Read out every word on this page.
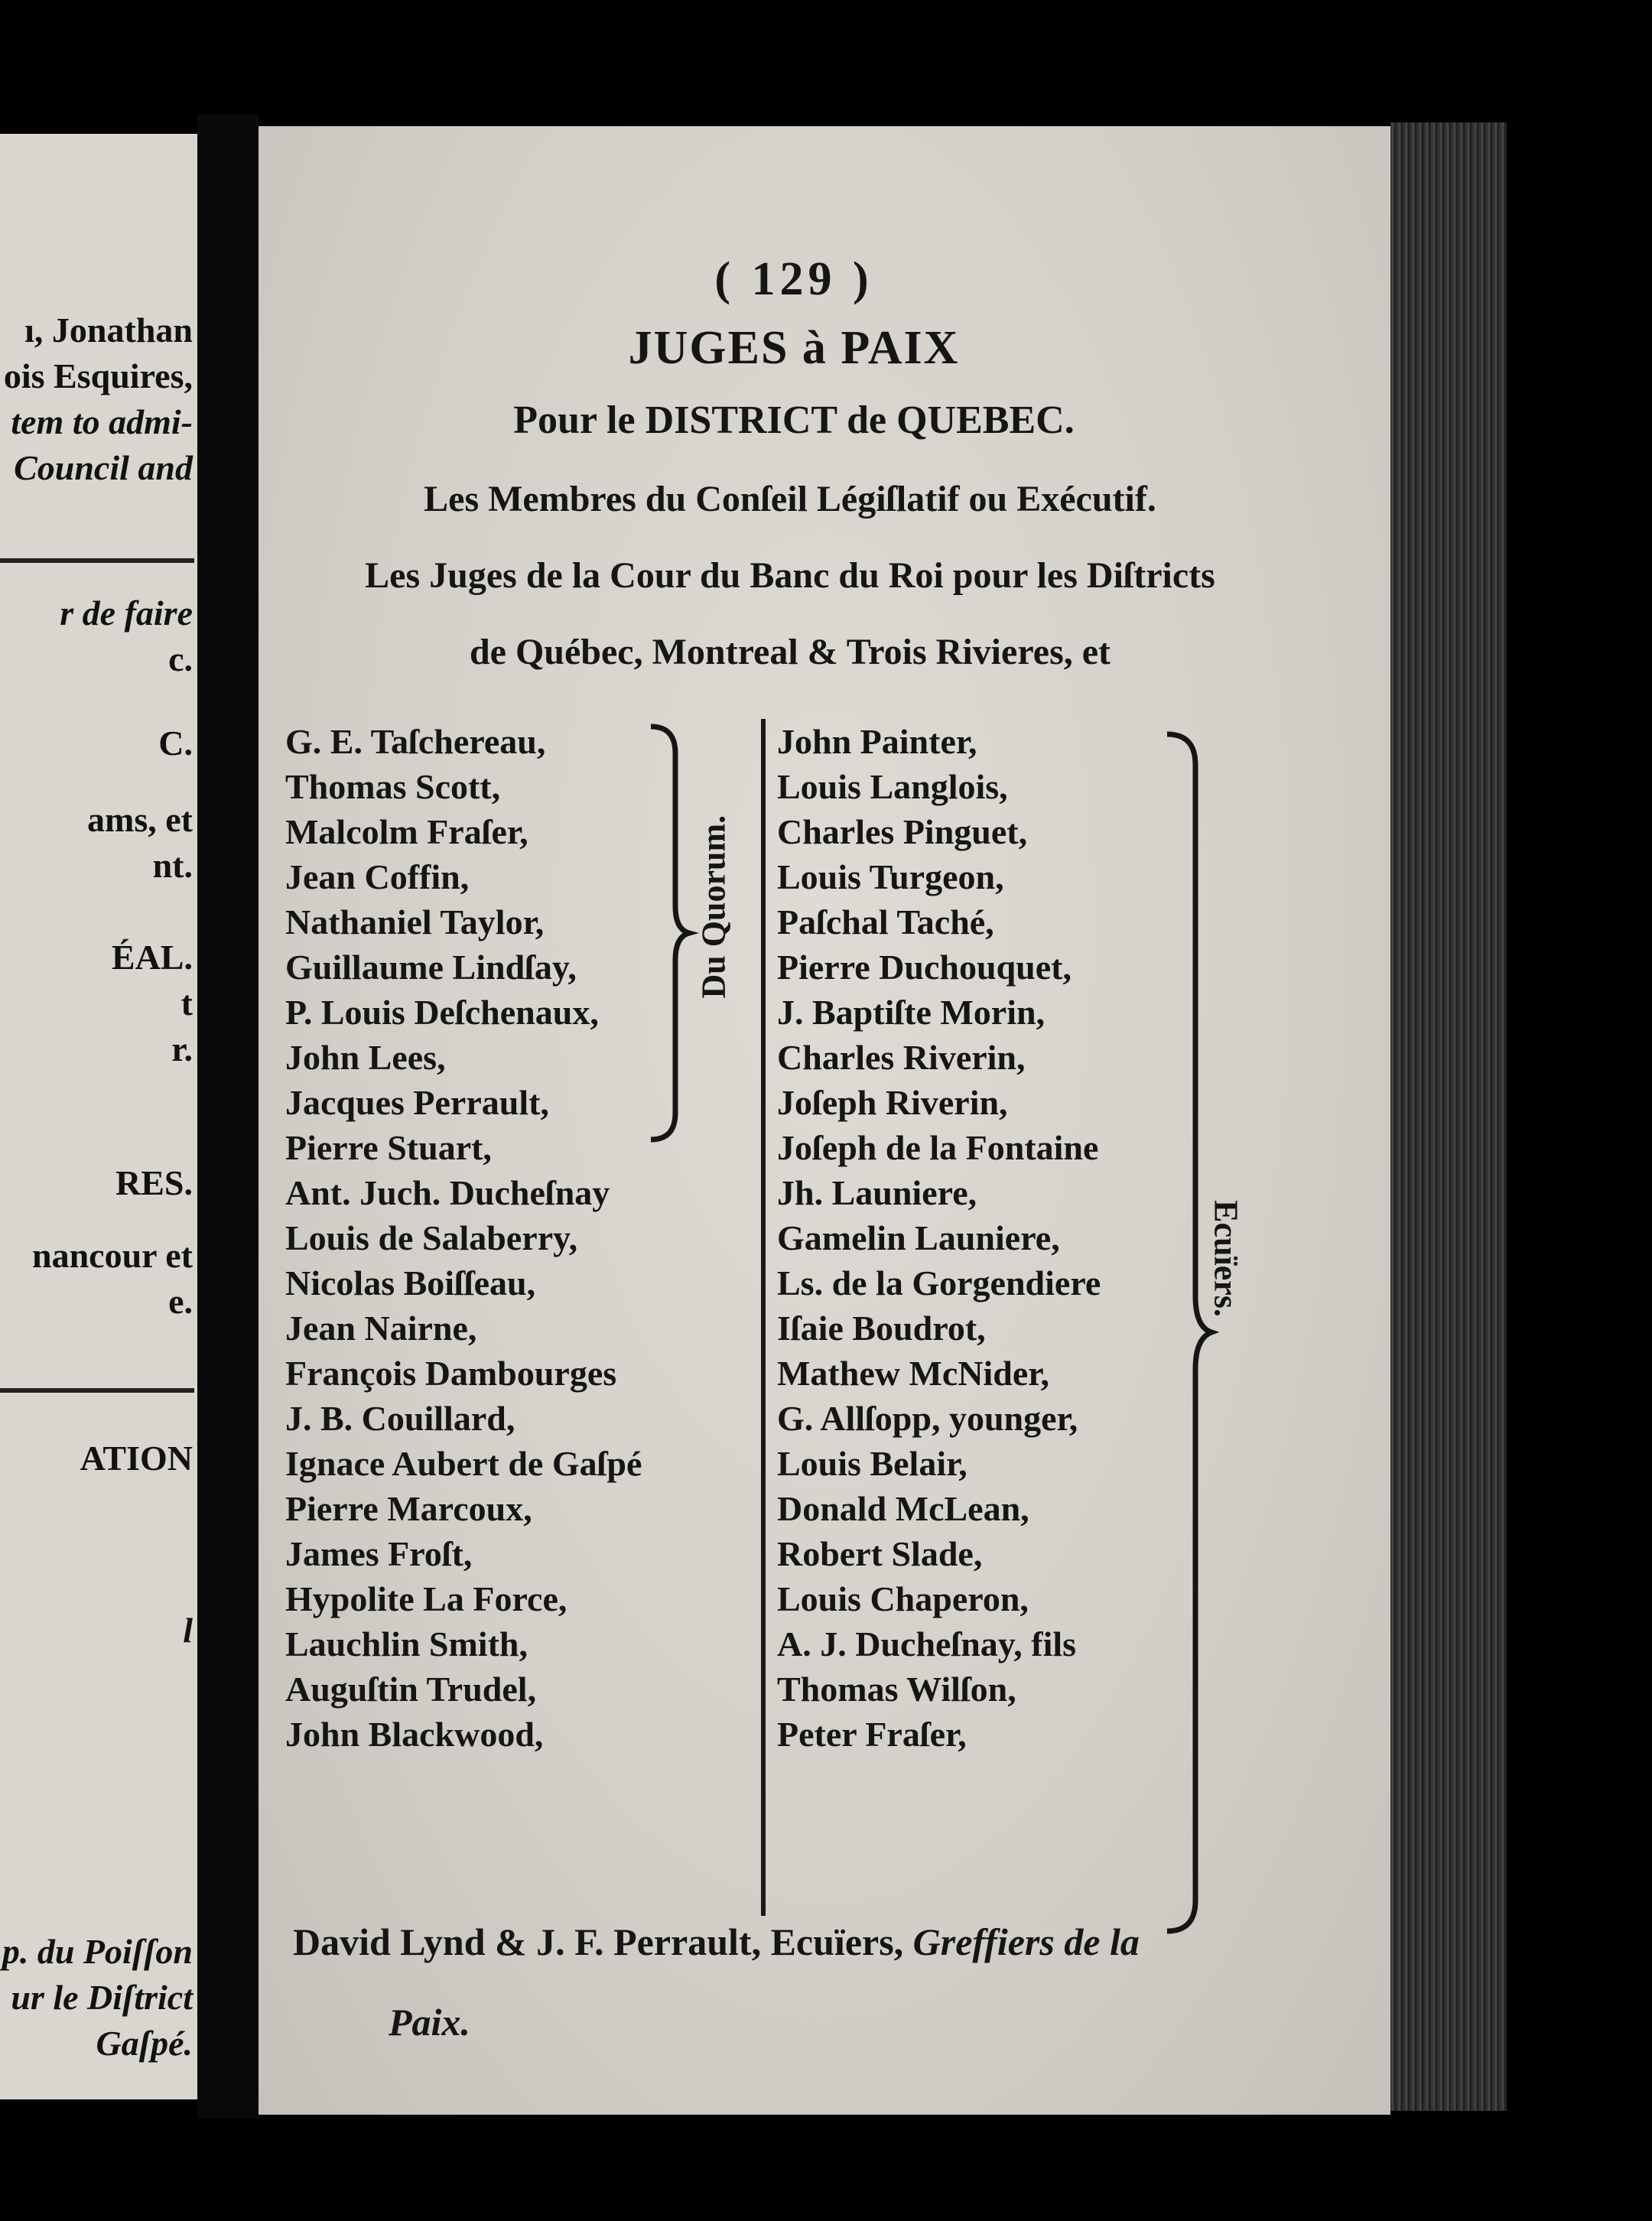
ı, Jonathan
ois Esquires,
tem to admi-
Council and
r de faire
c.
C.
ams, et
nt.
ÉAL.
t
r.
RES.
nancour et
e.
ATION
l
p. du Poiſſon
ur le Diſtrict
Gaſpé.
( 129 )
JUGES à PAIX
Pour le DISTRICT de QUEBEC.
Les Membres du Conſeil Légiſlatif ou Exécutif.
Les Juges de la Cour du Banc du Roi pour les Diſtricts
de Québec, Montreal & Trois Rivieres, et
G. E. Taſchereau,
Thomas Scott,
Malcolm Fraſer,
Jean Coffin,
Nathaniel Taylor,
Guillaume Lindſay,
P. Louis Deſchenaux,
John Lees,
Jacques Perrault,
Pierre Stuart,
Ant. Juch. Ducheſnay
Louis de Salaberry,
Nicolas Boiſſeau,
Jean Nairne,
François Dambourges
J. B. Couillard,
Ignace Aubert de Gaſpé
Pierre Marcoux,
James Froſt,
Hypolite La Force,
Lauchlin Smith,
Auguſtin Trudel,
John Blackwood,
Du Quorum.
John Painter,
Louis Langlois,
Charles Pinguet,
Louis Turgeon,
Paſchal Taché,
Pierre Duchouquet,
J. Baptiſte Morin,
Charles Riverin,
Joſeph Riverin,
Joſeph de la Fontaine
Jh. Launiere,
Gamelin Launiere,
Ls. de la Gorgendiere
Iſaie Boudrot,
Mathew McNider,
G. Allſopp, younger,
Louis Belair,
Donald McLean,
Robert Slade,
Louis Chaperon,
A. J. Ducheſnay, fils
Thomas Wilſon,
Peter Fraſer,
Ecuïers.
David Lynd & J. F. Perrault, Ecuïers, Greffiers de la
Paix.
